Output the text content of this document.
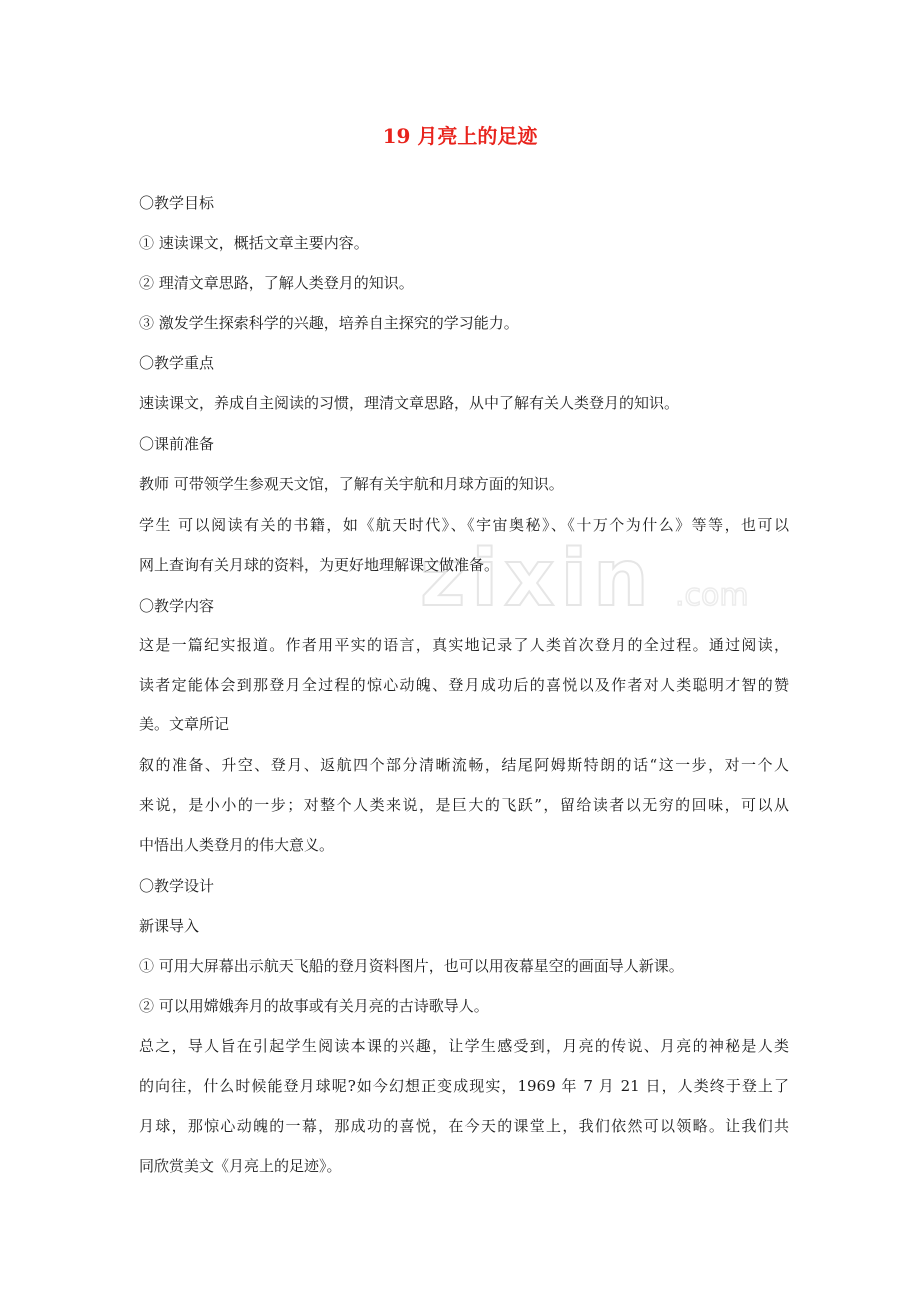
19 月亮上的足迹
zixin .com
〇教学目标
① 速读课文，概括文章主要内容。
② 理清文章思路，了解人类登月的知识。
③ 激发学生探索科学的兴趣，培养自主探究的学习能力。
〇教学重点
速读课文，养成自主阅读的习惯，理清文章思路，从中了解有关人类登月的知识。
〇课前准备
教师 可带领学生参观天文馆，了解有关宇航和月球方面的知识。
学生 可以阅读有关的书籍，如《航天时代》、《宇宙奥秘》、《十万个为什么》等等，也可以
网上查询有关月球的资料，为更好地理解课文做准备。
〇教学内容
这是一篇纪实报道。作者用平实的语言，真实地记录了人类首次登月的全过程。通过阅读，
读者定能体会到那登月全过程的惊心动魄、登月成功后的喜悦以及作者对人类聪明才智的赞
美。文章所记
叙的准备、升空、登月、返航四个部分清晰流畅，结尾阿姆斯特朗的话“这一步，对一个人
来说，是小小的一步；对整个人类来说，是巨大的飞跃”，留给读者以无穷的回味，可以从
中悟出人类登月的伟大意义。
〇教学设计
新课导入
① 可用大屏幕出示航天飞船的登月资料图片，也可以用夜幕星空的画面导人新课。
② 可以用嫦娥奔月的故事或有关月亮的古诗歌导人。
总之，导人旨在引起学生阅读本课的兴趣，让学生感受到，月亮的传说、月亮的神秘是人类
的向往，什么时候能登月球呢?如今幻想正变成现实，1969 年 7 月 21 日，人类终于登上了
月球，那惊心动魄的一幕，那成功的喜悦，在今天的课堂上，我们依然可以领略。让我们共
同欣赏美文《月亮上的足迹》。
